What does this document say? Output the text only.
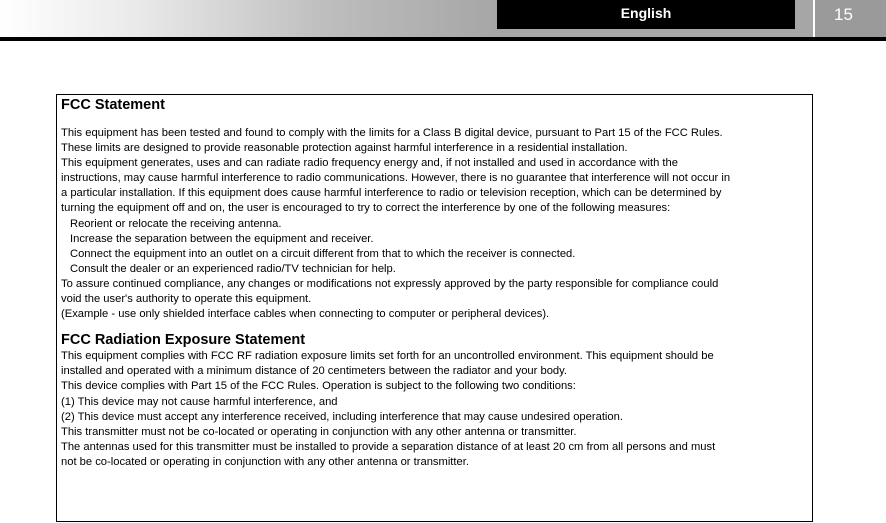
English	15
FCC Statement
This equipment has been tested and found to comply with the limits for a Class B digital device, pursuant to Part 15 of the FCC Rules.
These limits are designed to provide reasonable protection against harmful interference in a residential installation.
This equipment generates, uses and can radiate radio frequency energy and, if not installed and used in accordance with the
instructions, may cause harmful interference to radio communications. However, there is no guarantee that interference will not occur in
a particular installation. If this equipment does cause harmful interference to radio or television reception, which can be determined by
turning the equipment off and on, the user is encouraged to try to correct the interference by one of the following measures:
Reorient or relocate the receiving antenna.
Increase the separation between the equipment and receiver.
Connect the equipment into an outlet on a circuit different from that to which the receiver is connected.
Consult the dealer or an experienced radio/TV technician for help.
To assure continued compliance, any changes or modifications not expressly approved by the party responsible for compliance could
void the user's authority to operate this equipment.
(Example - use only shielded interface cables when connecting to computer or peripheral devices).
FCC Radiation Exposure Statement
This equipment complies with FCC RF radiation exposure limits set forth for an uncontrolled environment. This equipment should be
installed and operated with a minimum distance of 20 centimeters between the radiator and your body.
This device complies with Part 15 of the FCC Rules. Operation is subject to the following two conditions:
(1) This device may not cause harmful interference, and
(2) This device must accept any interference received, including interference that may cause undesired operation.
This transmitter must not be co-located or operating in conjunction with any other antenna or transmitter.
The antennas used for this transmitter must be installed to provide a separation distance of at least 20 cm from all persons and must
not be co-located or operating in conjunction with any other antenna or transmitter.
